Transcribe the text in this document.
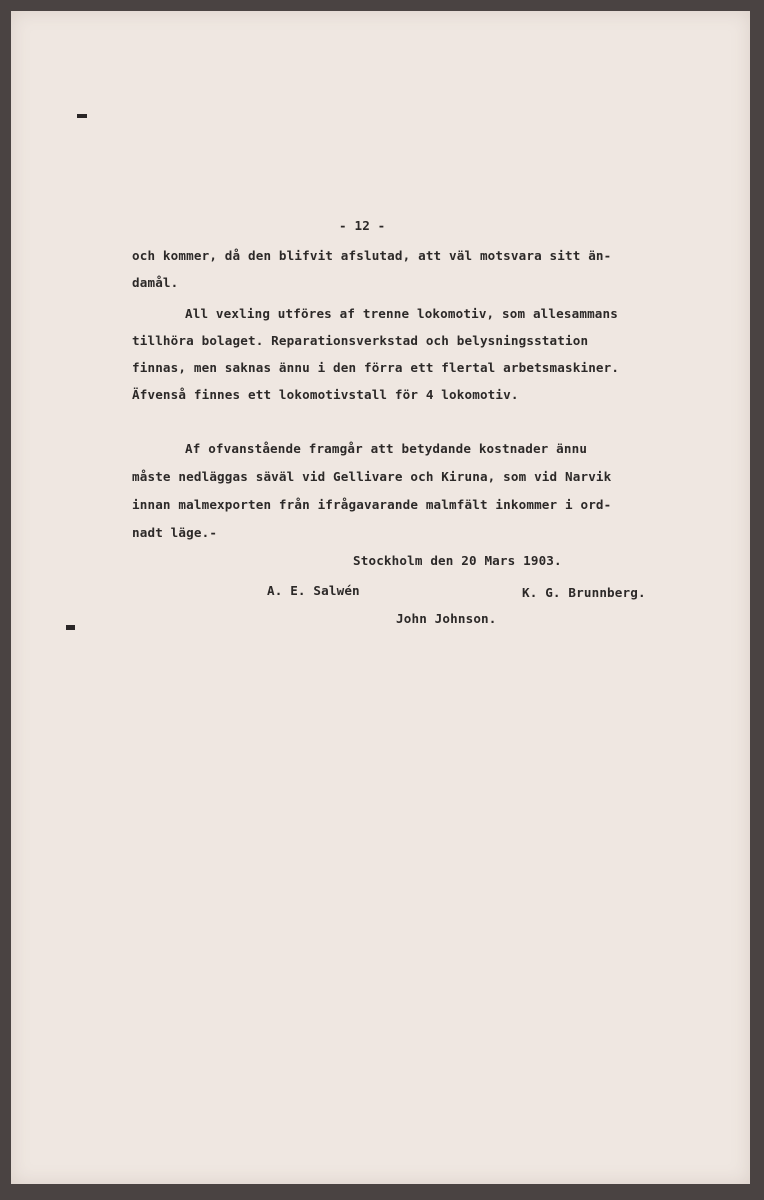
- 12 -
och kommer, då den blifvit afslutad, att väl motsvara sitt än-
damål.
All vexling utföres af trenne lokomotiv, som allesammans
tillhöra bolaget. Reparationsverkstad och belysningsstation
finnas, men saknas ännu i den förra ett flertal arbetsmaskiner.
Äfvenså finnes ett lokomotivstall för 4 lokomotiv.
Af ofvanstående framgår att betydande kostnader ännu
måste nedläggas säväl vid Gellivare och Kiruna, som vid Narvik
innan malmexporten från ifrågavarande malmfält inkommer i ord-
nadt läge.-
Stockholm den 20 Mars 1903.
A. E. Salwén	K. G. Brunnberg.
John Johnson.
